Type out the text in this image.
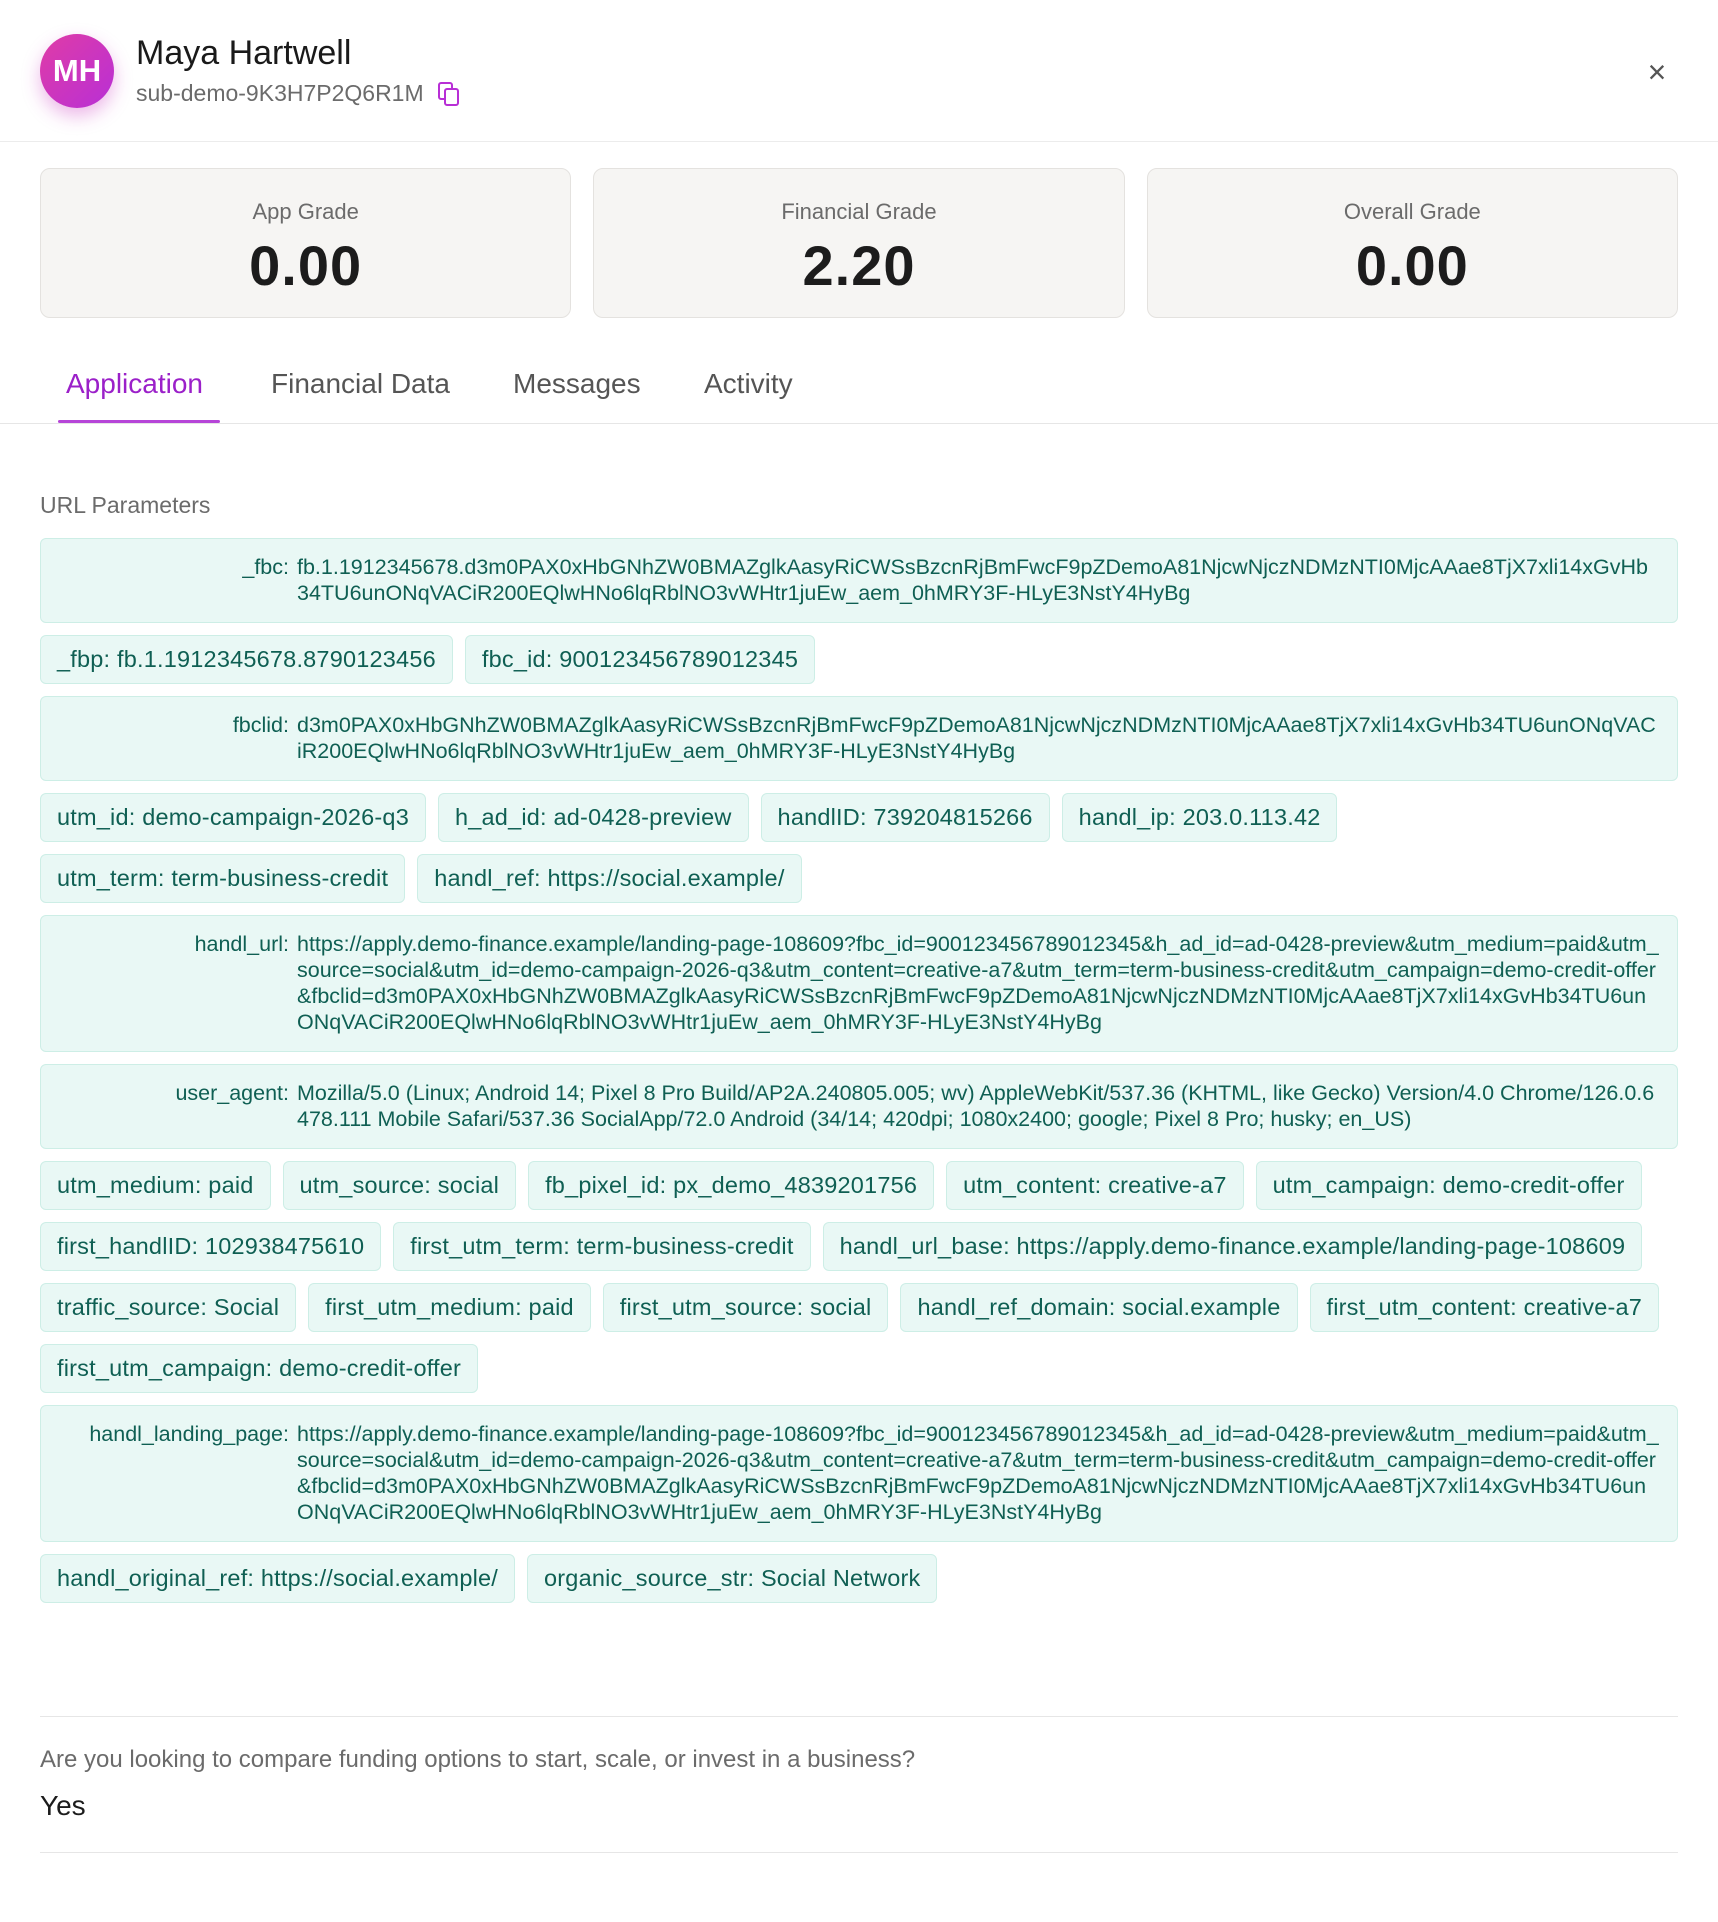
MH	Maya Hartwell
sub-demo-9K3H7P2Q6R1M
×
App Grade
0.00
Financial Grade
2.20
Overall Grade
0.00
Application Financial Data Messages Activity
URL Parameters
_fbc: fb.1.1912345678.d3m0PAX0xHbGNhZW0BMAZglkAasyRiCWSsBzcnRjBmFwcF9pZDemoA81NjcwNjczNDMzNTI0MjcAAae8TjX7xli14xGvHb34TU6unONqVACiR200EQlwHNo6lqRblNO3vWHtr1juEw_aem_0hMRY3F-HLyE3NstY4HyBg
_fbp:
fb.1.1912345678.8790123456 fbc_id:
900123456789012345
fbclid: d3m0PAX0xHbGNhZW0BMAZglkAasyRiCWSsBzcnRjBmFwcF9pZDemoA81NjcwNjczNDMzNTI0MjcAAae8TjX7xli14xGvHb34TU6unONqVACiR200EQlwHNo6lqRblNO3vWHtr1juEw_aem_0hMRY3F-HLyE3NstY4HyBg
utm_id:
demo-campaign-2026-q3 h_ad_id:
ad-0428-preview handlID:
739204815266 handl_ip:
203.0.113.42
utm_term:
term-business-credit handl_ref:
https://social.example/
handl_url: https://apply.demo-finance.example/landing-page-108609?fbc_id=900123456789012345&h_ad_id=ad-0428-preview&utm_medium=paid&utm_source=social&utm_id=demo-campaign-2026-q3&utm_content=creative-a7&utm_term=term-business-credit&utm_campaign=demo-credit-offer&fbclid=d3m0PAX0xHbGNhZW0BMAZglkAasyRiCWSsBzcnRjBmFwcF9pZDemoA81NjcwNjczNDMzNTI0MjcAAae8TjX7xli14xGvHb34TU6unONqVACiR200EQlwHNo6lqRblNO3vWHtr1juEw_aem_0hMRY3F-HLyE3NstY4HyBg
user_agent: Mozilla/5.0 (Linux; Android 14; Pixel 8 Pro Build/AP2A.240805.005; wv) AppleWebKit/537.36 (KHTML, like Gecko) Version/4.0 Chrome/126.0.6478.111 Mobile Safari/537.36 SocialApp/72.0 Android (34/14; 420dpi; 1080x2400; google; Pixel 8 Pro; husky; en_US)
utm_medium:
paid utm_source:
social fb_pixel_id:
px_demo_4839201756 utm_content:
creative-a7 utm_campaign:
demo-credit-offer
first_handlID:
102938475610 first_utm_term:
term-business-credit handl_url_base:
https://apply.demo-finance.example/landing-page-108609
traffic_source:
Social first_utm_medium:
paid first_utm_source:
social handl_ref_domain:
social.example first_utm_content:
creative-a7
first_utm_campaign:
demo-credit-offer
handl_landing_page: https://apply.demo-finance.example/landing-page-108609?fbc_id=900123456789012345&h_ad_id=ad-0428-preview&utm_medium=paid&utm_source=social&utm_id=demo-campaign-2026-q3&utm_content=creative-a7&utm_term=term-business-credit&utm_campaign=demo-credit-offer&fbclid=d3m0PAX0xHbGNhZW0BMAZglkAasyRiCWSsBzcnRjBmFwcF9pZDemoA81NjcwNjczNDMzNTI0MjcAAae8TjX7xli14xGvHb34TU6unONqVACiR200EQlwHNo6lqRblNO3vWHtr1juEw_aem_0hMRY3F-HLyE3NstY4HyBg
handl_original_ref:
https://social.example/ organic_source_str:
Social Network
Are you looking to compare funding options to start, scale, or invest in a business?
Yes
